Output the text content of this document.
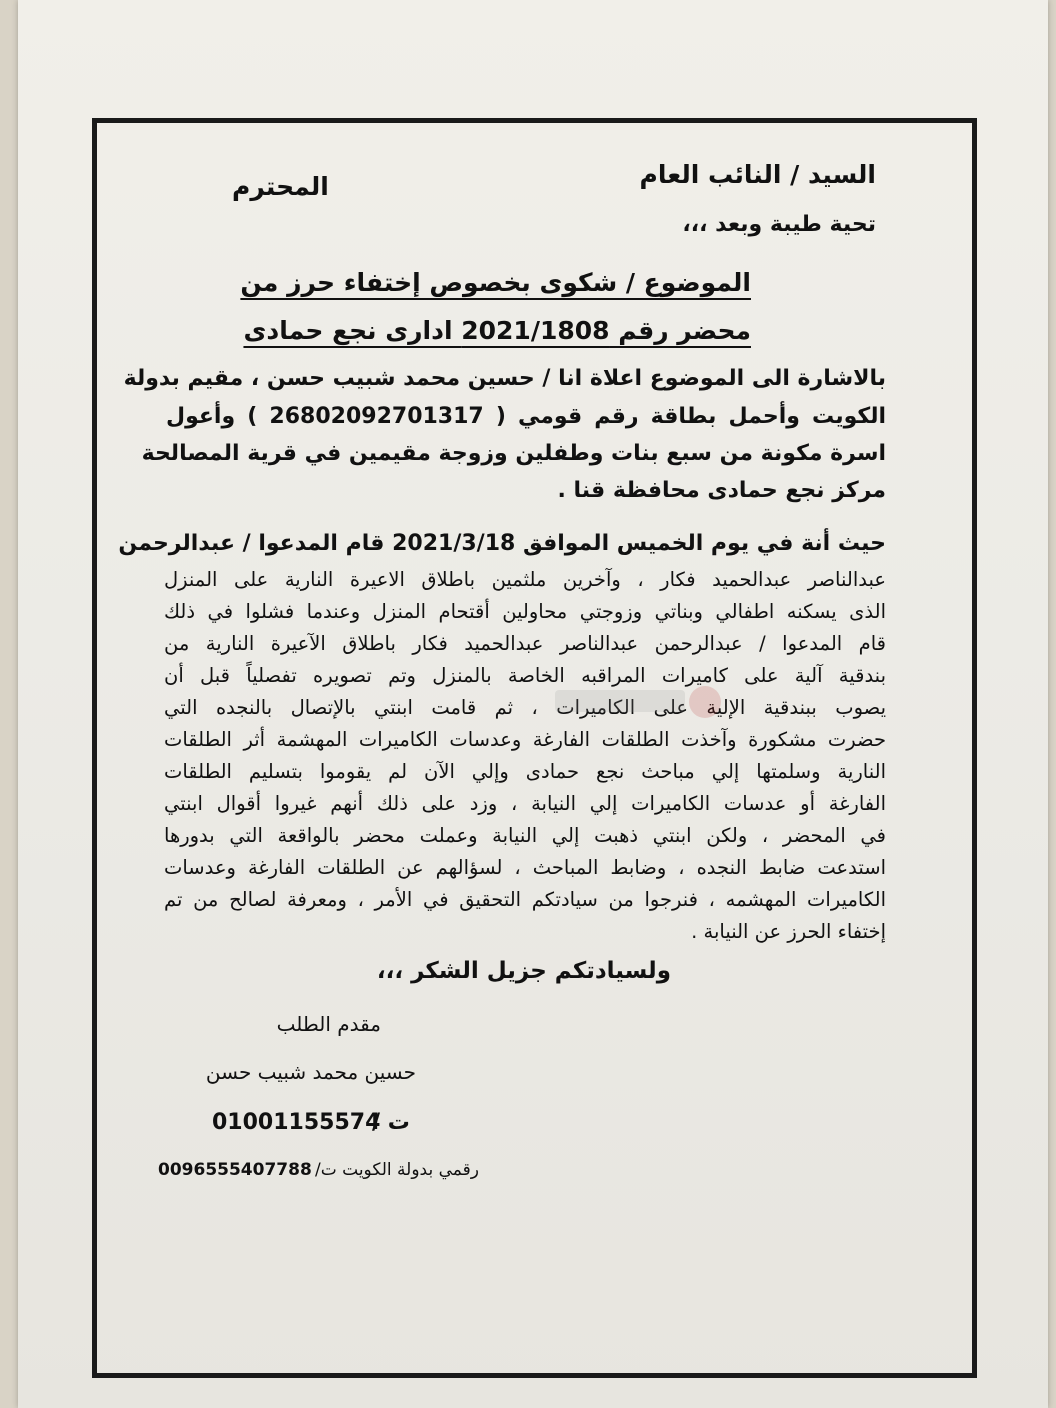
السيد / النائب العام
المحترم
تحية طيبة وبعد ،،،
الموضوع / شكوى بخصوص إختفاء حرز من
محضر رقم 2021/1808 ادارى نجع حمادى
بالاشارة الى الموضوع اعلاة انا / حسين محمد شبيب حسن ، مقيم بدولة
الكويت وأحمل بطاقة رقم قومي ( 26802092701317 ) وأعول
اسرة مكونة من سبع بنات وطفلين وزوجة مقيمين في قرية المصالحة
مركز نجع حمادى محافظة قنا .
حيث أنة في يوم الخميس الموافق 2021/3/18 قام المدعوا / عبدالرحمن
عبدالناصر عبدالحميد فكار ، وآخرين ملثمين باطلاق الاعيرة النارية على المنزل
الذى يسكنه اطفالي وبناتي وزوجتي محاولين أقتحام المنزل وعندما فشلوا في ذلك
قام المدعوا / عبدالرحمن عبدالناصر عبدالحميد فكار باطلاق الآعيرة النارية من
بندقية آلية على كاميرات المراقبه الخاصة بالمنزل وتم تصويره تفصلياً قبل أن
يصوب ببندقية الإلية على الكاميرات ، ثم قامت ابنتي بالإتصال بالنجده التي
حضرت مشكورة وآخذت الطلقات الفارغة وعدسات الكاميرات المهشمة أثر الطلقات
النارية وسلمتها إلي مباحث نجع حمادى وإلي الآن لم يقوموا بتسليم الطلقات
الفارغة أو عدسات الكاميرات إلي النيابة ، وزد على ذلك أنهم غيروا أقوال ابنتي
في المحضر ، ولكن ابنتي ذهبت إلي النيابة وعملت محضر بالواقعة التي بدورها
استدعت ضابط النجده ، وضابط المباحث ، لسؤالهم عن الطلقات الفارغة وعدسات
الكاميرات المهشمه ، فنرجوا من سيادتكم التحقيق في الأمر ، ومعرفة لصالح من تم
إختفاء الحرز عن النيابة .
ولسيادتكم جزيل الشكر ،،،
مقدم الطلب
حسين محمد شبيب حسن
ت /
01001155574
رقمي بدولة الكويت ت/
0096555407788
